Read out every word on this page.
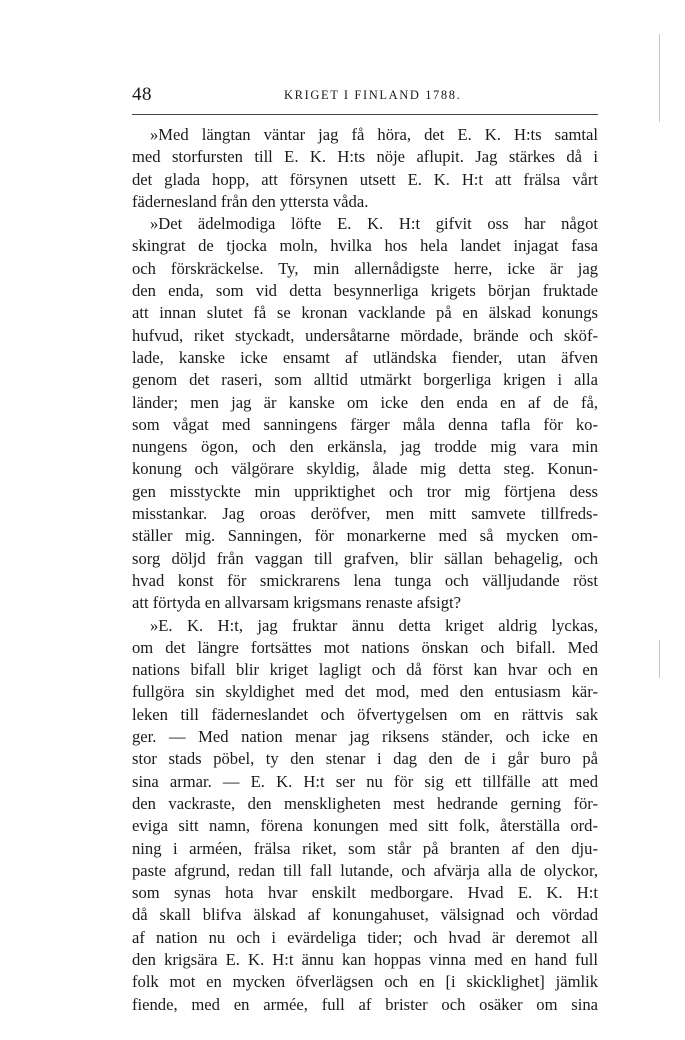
48	KRIGET I FINLAND 1788.
»Med längtan väntar jag få höra, det E. K. H:ts samtal
med storfursten till E. K. H:ts nöje aflupit. Jag stärkes då i
det glada hopp, att försynen utsett E. K. H:t att frälsa vårt
fädernesland från den yttersta våda.
»Det ädelmodiga löfte E. K. H:t gifvit oss har något
skingrat de tjocka moln, hvilka hos hela landet injagat fasa
och förskräckelse. Ty, min allernådigste herre, icke är jag
den enda, som vid detta besynnerliga krigets början fruktade
att innan slutet få se kronan vacklande på en älskad konungs
hufvud, riket styckadt, undersåtarne mördade, brände och sköf-
lade, kanske icke ensamt af utländska fiender, utan äfven
genom det raseri, som alltid utmärkt borgerliga krigen i alla
länder; men jag är kanske om icke den enda en af de få,
som vågat med sanningens färger måla denna tafla för ko-
nungens ögon, och den erkänsla, jag trodde mig vara min
konung och välgörare skyldig, ålade mig detta steg. Konun-
gen misstyckte min uppriktighet och tror mig förtjena dess
misstankar. Jag oroas deröfver, men mitt samvete tillfreds-
ställer mig. Sanningen, för monarkerne med så mycken om-
sorg döljd från vaggan till grafven, blir sällan behagelig, och
hvad konst för smickrarens lena tunga och välljudande röst
att förtyda en allvarsam krigsmans renaste afsigt?
»E. K. H:t, jag fruktar ännu detta kriget aldrig lyckas,
om det längre fortsättes mot nations önskan och bifall. Med
nations bifall blir kriget lagligt och då först kan hvar och en
fullgöra sin skyldighet med det mod, med den entusiasm kär-
leken till fäderneslandet och öfvertygelsen om en rättvis sak
ger. — Med nation menar jag riksens ständer, och icke en
stor stads pöbel, ty den stenar i dag den de i går buro på
sina armar. — E. K. H:t ser nu för sig ett tillfälle att med
den vackraste, den menskligheten mest hedrande gerning för-
eviga sitt namn, förena konungen med sitt folk, återställa ord-
ning i arméen, frälsa riket, som står på branten af den dju-
paste afgrund, redan till fall lutande, och afvärja alla de olyckor,
som synas hota hvar enskilt medborgare. Hvad E. K. H:t
då skall blifva älskad af konungahuset, välsignad och vördad
af nation nu och i evärdeliga tider; och hvad är deremot all
den krigsära E. K. H:t ännu kan hoppas vinna med en hand full
folk mot en mycken öfverlägsen och en [i skicklighet] jämlik
fiende, med en armée, full af brister och osäker om sina
